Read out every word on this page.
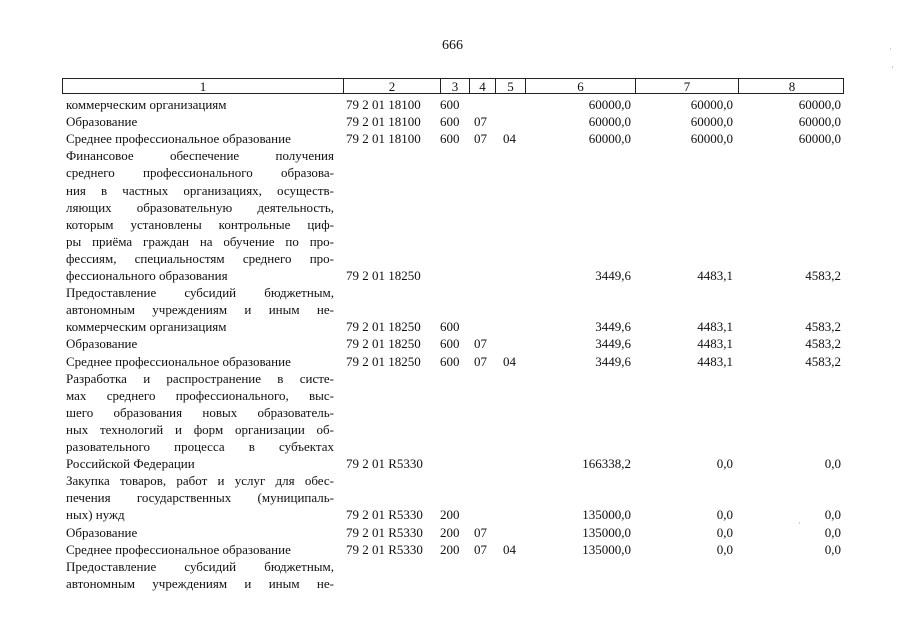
666
1	2	3	4	5	6	7	8
коммерческим организациям	79 2 01 18100 600	60000,0	60000,0	60000,0
Образование	79 2 01 18100 600 07	60000,0	60000,0	60000,0
Среднее профессиональное образование	79 2 01 18100 600 07 04	60000,0	60000,0	60000,0
Финансовое обеспечение получения
среднего профессионального образова-
ния в частных организациях, осуществ-
ляющих образовательную деятельность,
которым установлены контрольные циф-
ры приёма граждан на обучение по про-
фессиям, специальностям среднего про-
фессионального образования	79 2 01 18250	3449,6	4483,1	4583,2
Предоставление субсидий бюджетным,
автономным учреждениям и иным не-
коммерческим организациям	79 2 01 18250 600	3449,6	4483,1	4583,2
Образование	79 2 01 18250 600 07	3449,6	4483,1	4583,2
Среднее профессиональное образование	79 2 01 18250 600 07 04	3449,6	4483,1	4583,2
Разработка и распространение в систе-
мах среднего профессионального, выс-
шего образования новых образователь-
ных технологий и форм организации об-
разовательного процесса в субъектах
Российской Федерации	79 2 01 R5330	166338,2	0,0	0,0
Закупка товаров, работ и услуг для обес-
печения государственных (муниципаль-
ных) нужд	79 2 01 R5330 200	135000,0	0,0	0,0
Образование	79 2 01 R5330 200 07	135000,0	0,0	0,0
Среднее профессиональное образование	79 2 01 R5330 200 07 04	135000,0	0,0	0,0
Предоставление субсидий бюджетным,
автономным учреждениям и иным не-
·
·
·
